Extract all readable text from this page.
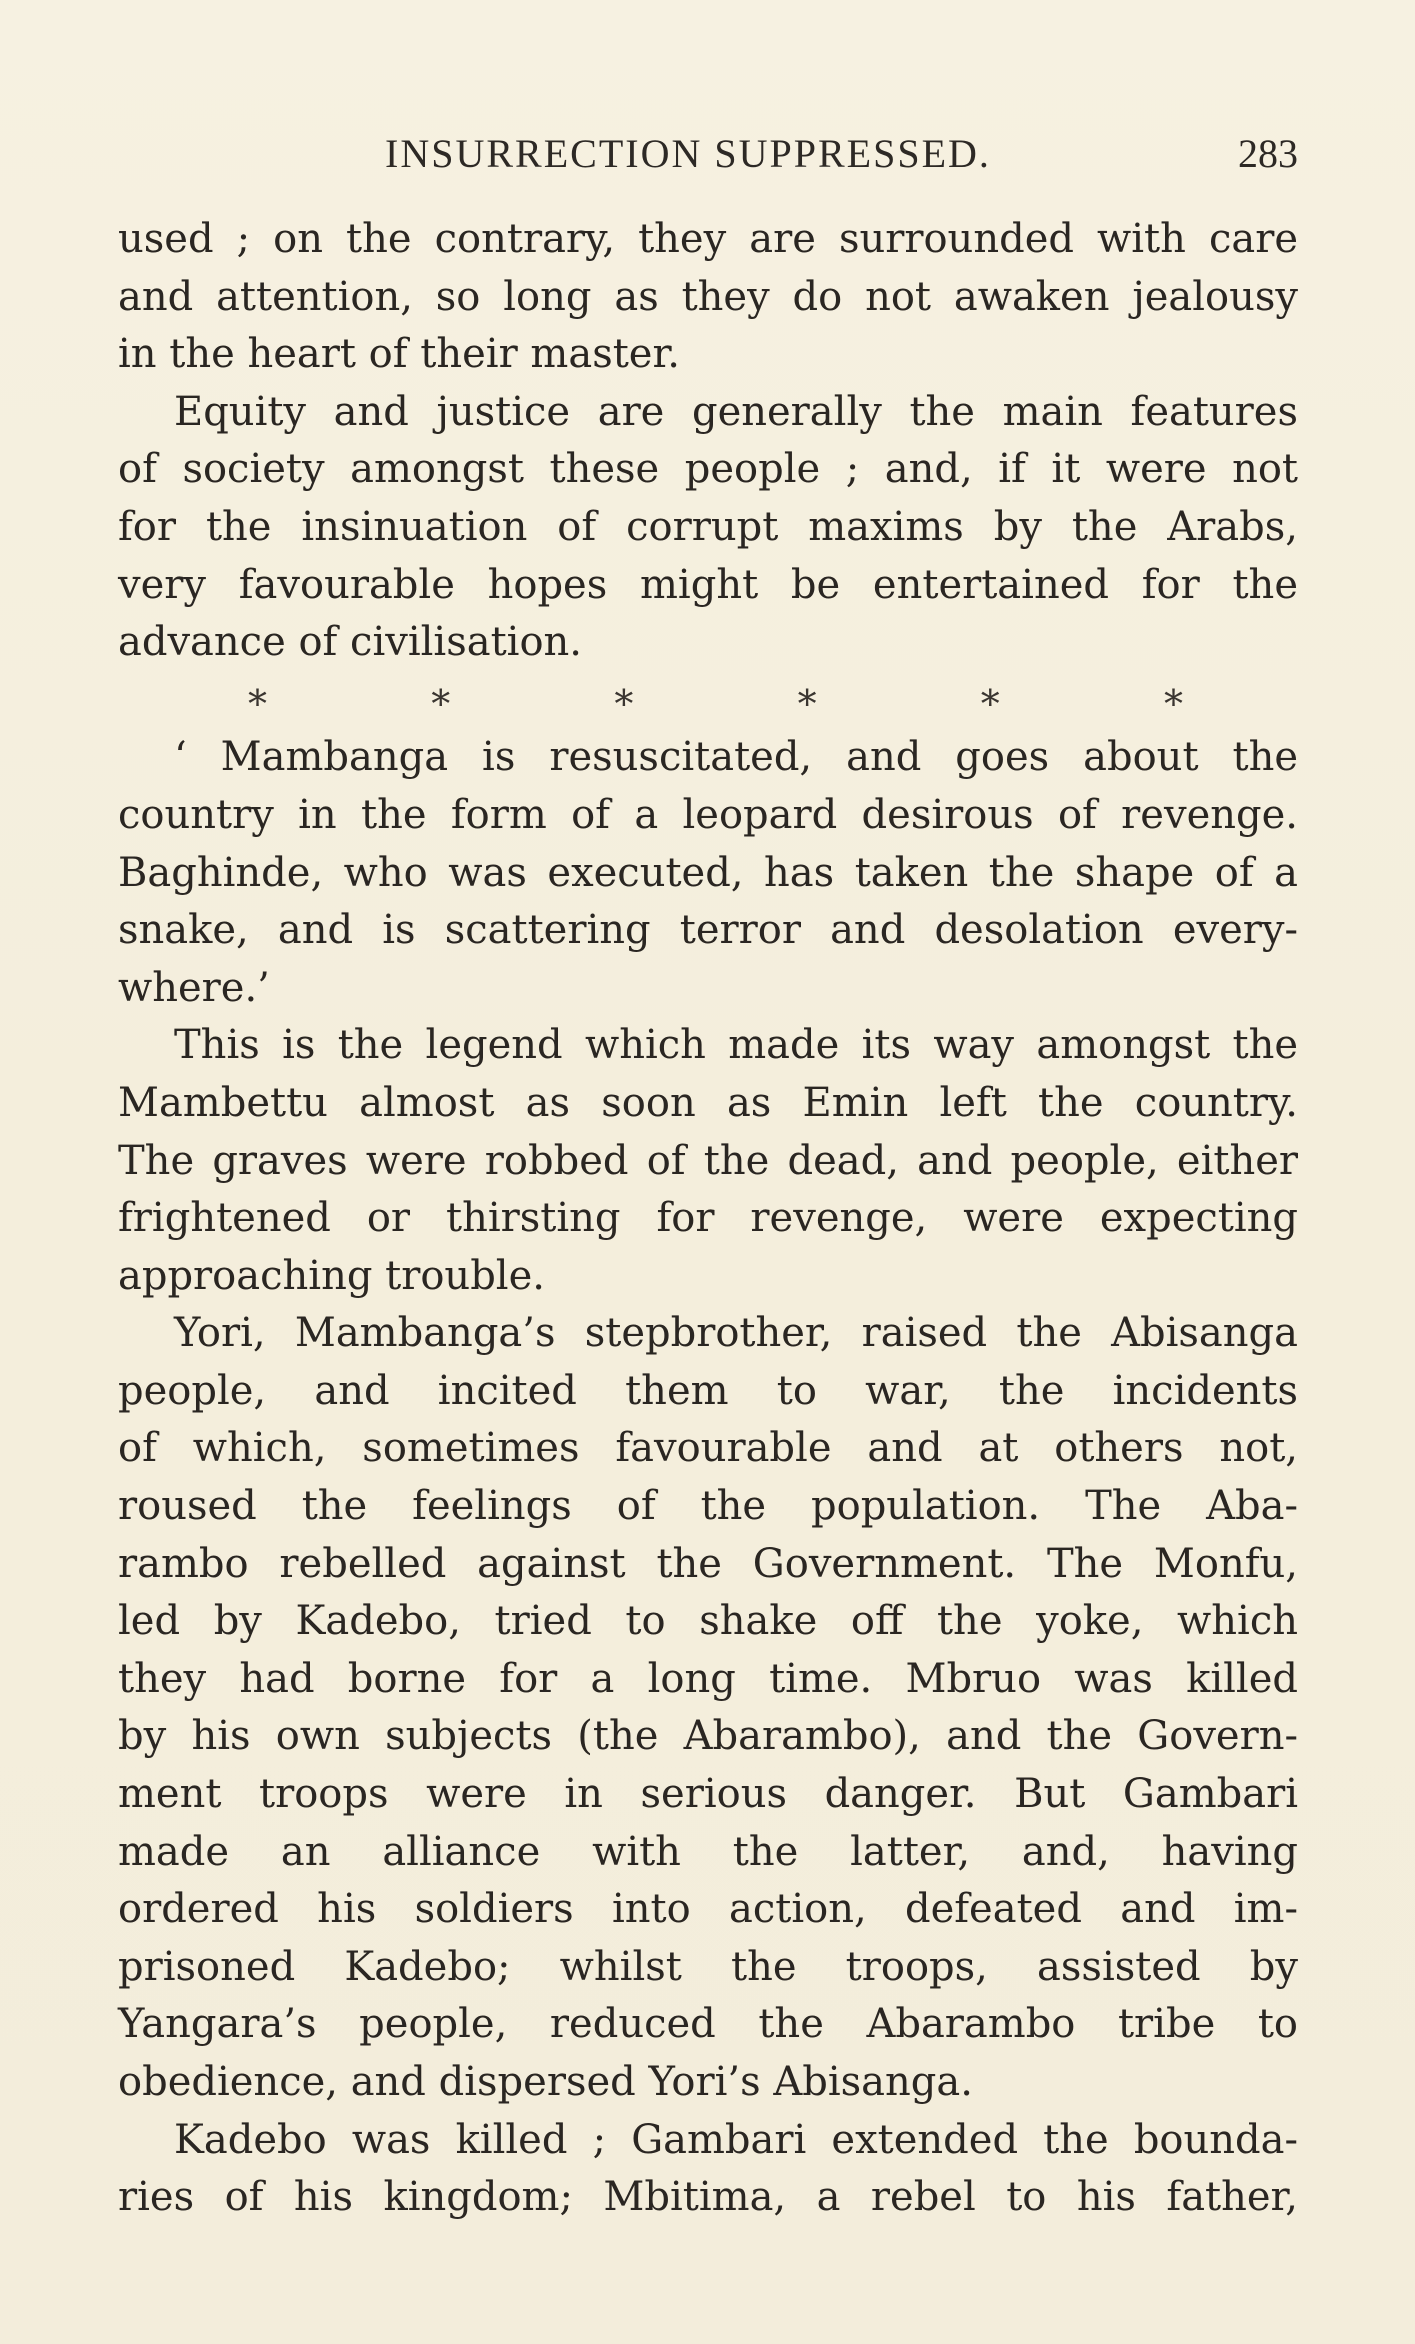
INSURRECTION SUPPRESSED.	283
used ; on the contrary, they are surrounded with care
and attention, so long as they do not awaken jealousy
in the heart of their master.
Equity and justice are generally the main features
of society amongst these people ; and, if it were not
for the insinuation of corrupt maxims by the Arabs,
very favourable hopes might be entertained for the
advance of civilisation.
*	*	*	*	*	*
‘ Mambanga is resuscitated, and goes about the
country in the form of a leopard desirous of revenge.
Baghinde, who was executed, has taken the shape of a
snake, and is scattering terror and desolation every-
where.’
This is the legend which made its way amongst the
Mambettu almost as soon as Emin left the country.
The graves were robbed of the dead, and people, either
frightened or thirsting for revenge, were expecting
approaching trouble.
Yori, Mambanga’s stepbrother, raised the Abisanga
people, and incited them to war, the incidents
of which, sometimes favourable and at others not,
roused the feelings of the population. The Aba-
rambo rebelled against the Government. The Monfu,
led by Kadebo, tried to shake off the yoke, which
they had borne for a long time. Mbruo was killed
by his own subjects (the Abarambo), and the Govern-
ment troops were in serious danger. But Gambari
made an alliance with the latter, and, having
ordered his soldiers into action, defeated and im-
prisoned Kadebo; whilst the troops, assisted by
Yangara’s people, reduced the Abarambo tribe to
obedience, and dispersed Yori’s Abisanga.
Kadebo was killed ; Gambari extended the bounda-
ries of his kingdom; Mbitima, a rebel to his father,
